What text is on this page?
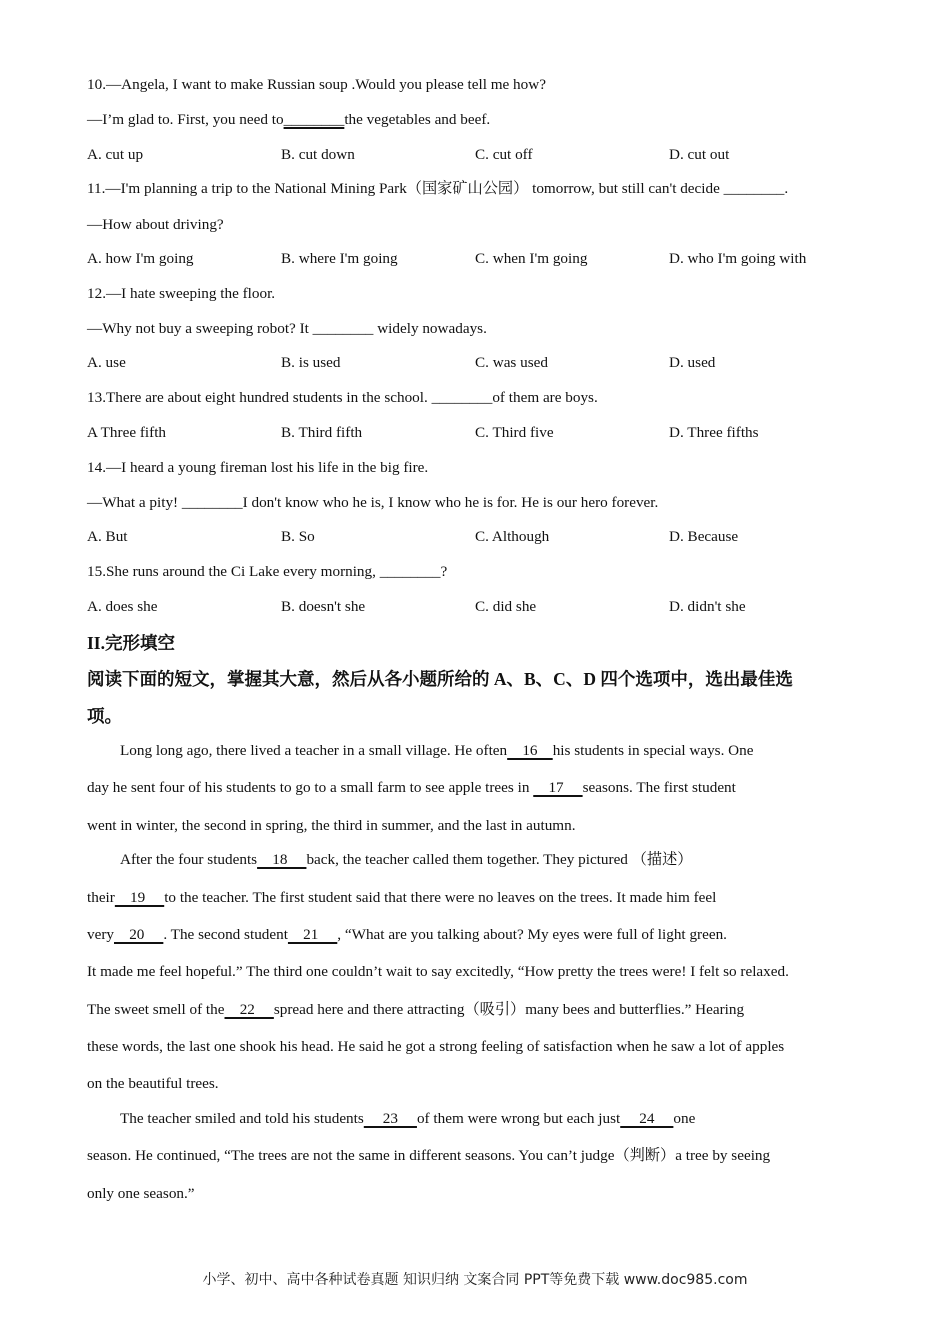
10.—Angela, I want to make Russian soup .Would you please tell me how?
—I’m glad to. First, you need to________the vegetables and beef.
A. cut up	B. cut down	C. cut off	D. cut out
11.—I'm planning a trip to the National Mining Park（国家矿山公园） tomorrow, but still can't decide ________.
—How about driving?
A. how I'm going	B. where I'm going	C. when I'm going	D. who I'm going with
12.—I hate sweeping the floor.
—Why not buy a sweeping robot? It ________ widely nowadays.
A. use	B. is used	C. was used	D. used
13.There are about eight hundred students in the school. ________of them are boys.
A Three fifth	B. Third fifth	C. Third five	D. Three fifths
14.—I heard a young fireman lost his life in the big fire.
—What a pity! ________I don't know who he is, I know who he is for. He is our hero forever.
A. But	B. So	C. Although	D. Because
15.She runs around the Ci Lake every morning, ________?
A. does she	B. doesn't she	C. did she	D. didn't she
II.完形填空
阅读下面的短文，掌握其大意，然后从各小题所给的 A、B、C、D 四个选项中，选出最佳选
项。
Long long ago, there lived a teacher in a small village. He often    16    his students in special ways. One
day he sent four of his students to go to a small farm to see apple trees in     17     seasons. The first student
went in winter, the second in spring, the third in summer, and the last in autumn.
After the four students    18     back, the teacher called them together. They pictured （描述）
their    19     to the teacher. The first student said that there were no leaves on the trees. It made him feel
very    20     . The second student    21     , “What are you talking about? My eyes were full of light green.
It made me feel hopeful.” The third one couldn’t wait to say excitedly, “How pretty the trees were! I felt so relaxed.
The sweet smell of the    22     spread here and there attracting（吸引）many bees and butterflies.” Hearing
these words, the last one shook his head. He said he got a strong feeling of satisfaction when he saw a lot of apples
on the beautiful trees.
The teacher smiled and told his students     23     of them were wrong but each just     24     one
season. He continued, “The trees are not the same in different seasons. You can’t judge（判断）a tree by seeing
only one season.”
小学、初中、高中各种试卷真题 知识归纳 文案合同 PPT等免费下载 www.doc985.com
